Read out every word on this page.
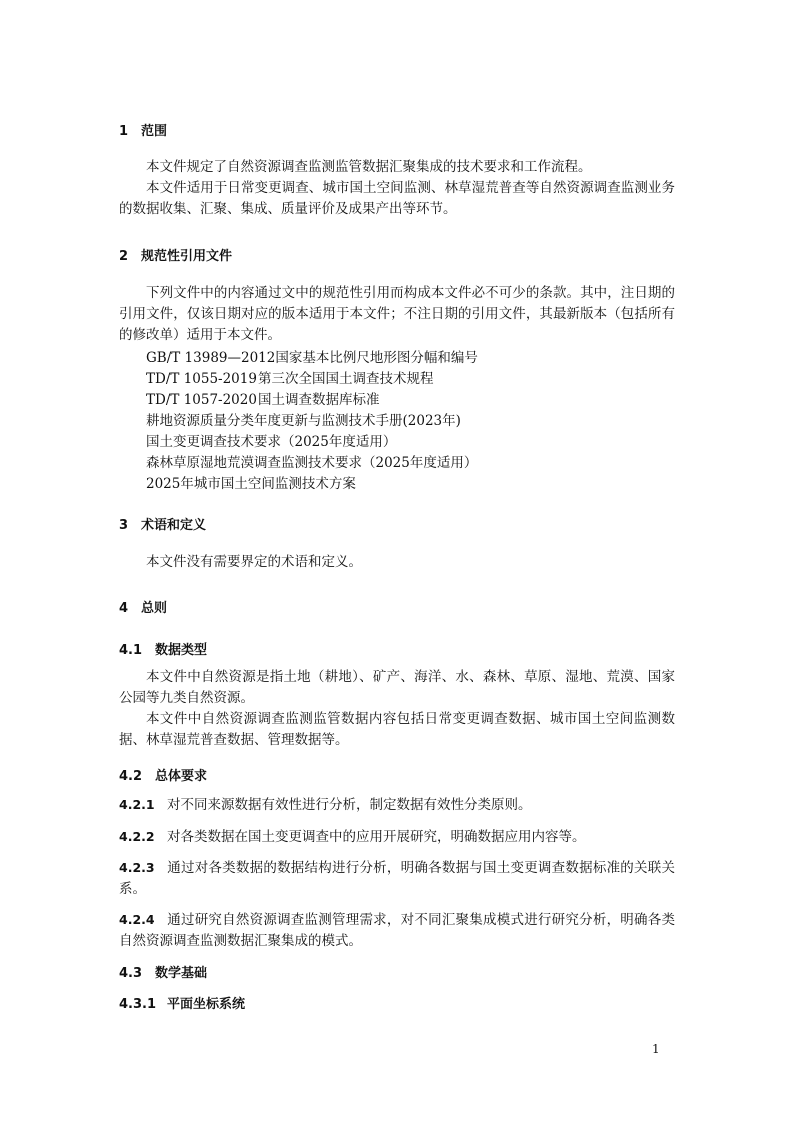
1 范围
本文件规定了自然资源调查监测监管数据汇聚集成的技术要求和工作流程。
本文件适用于日常变更调查、城市国土空间监测、林草湿荒普查等自然资源调查监测业务的数据收集、汇聚、集成、质量评价及成果产出等环节。
2 规范性引用文件
下列文件中的内容通过文中的规范性引用而构成本文件必不可少的条款。其中，注日期的引用文件，仅该日期对应的版本适用于本文件；不注日期的引用文件，其最新版本（包括所有的修改单）适用于本文件。
GB/T 13989—2012国家基本比例尺地形图分幅和编号
TD/T 1055-2019第三次全国国土调查技术规程
TD/T 1057-2020国土调查数据库标准
耕地资源质量分类年度更新与监测技术手册(2023年)
国土变更调查技术要求（2025年度适用）
森林草原湿地荒漠调查监测技术要求（2025年度适用）
2025年城市国土空间监测技术方案
3 术语和定义
本文件没有需要界定的术语和定义。
4 总则
4.1 数据类型
本文件中自然资源是指土地（耕地）、矿产、海洋、水、森林、草原、湿地、荒漠、国家公园等九类自然资源。
本文件中自然资源调查监测监管数据内容包括日常变更调查数据、城市国土空间监测数据、林草湿荒普查数据、管理数据等。
4.2 总体要求
4.2.1 对不同来源数据有效性进行分析，制定数据有效性分类原则。
4.2.2 对各类数据在国土变更调查中的应用开展研究，明确数据应用内容等。
4.2.3 通过对各类数据的数据结构进行分析，明确各数据与国土变更调查数据标准的关联关系。
4.2.4 通过研究自然资源调查监测管理需求，对不同汇聚集成模式进行研究分析，明确各类自然资源调查监测数据汇聚集成的模式。
4.3 数学基础
4.3.1 平面坐标系统
1
